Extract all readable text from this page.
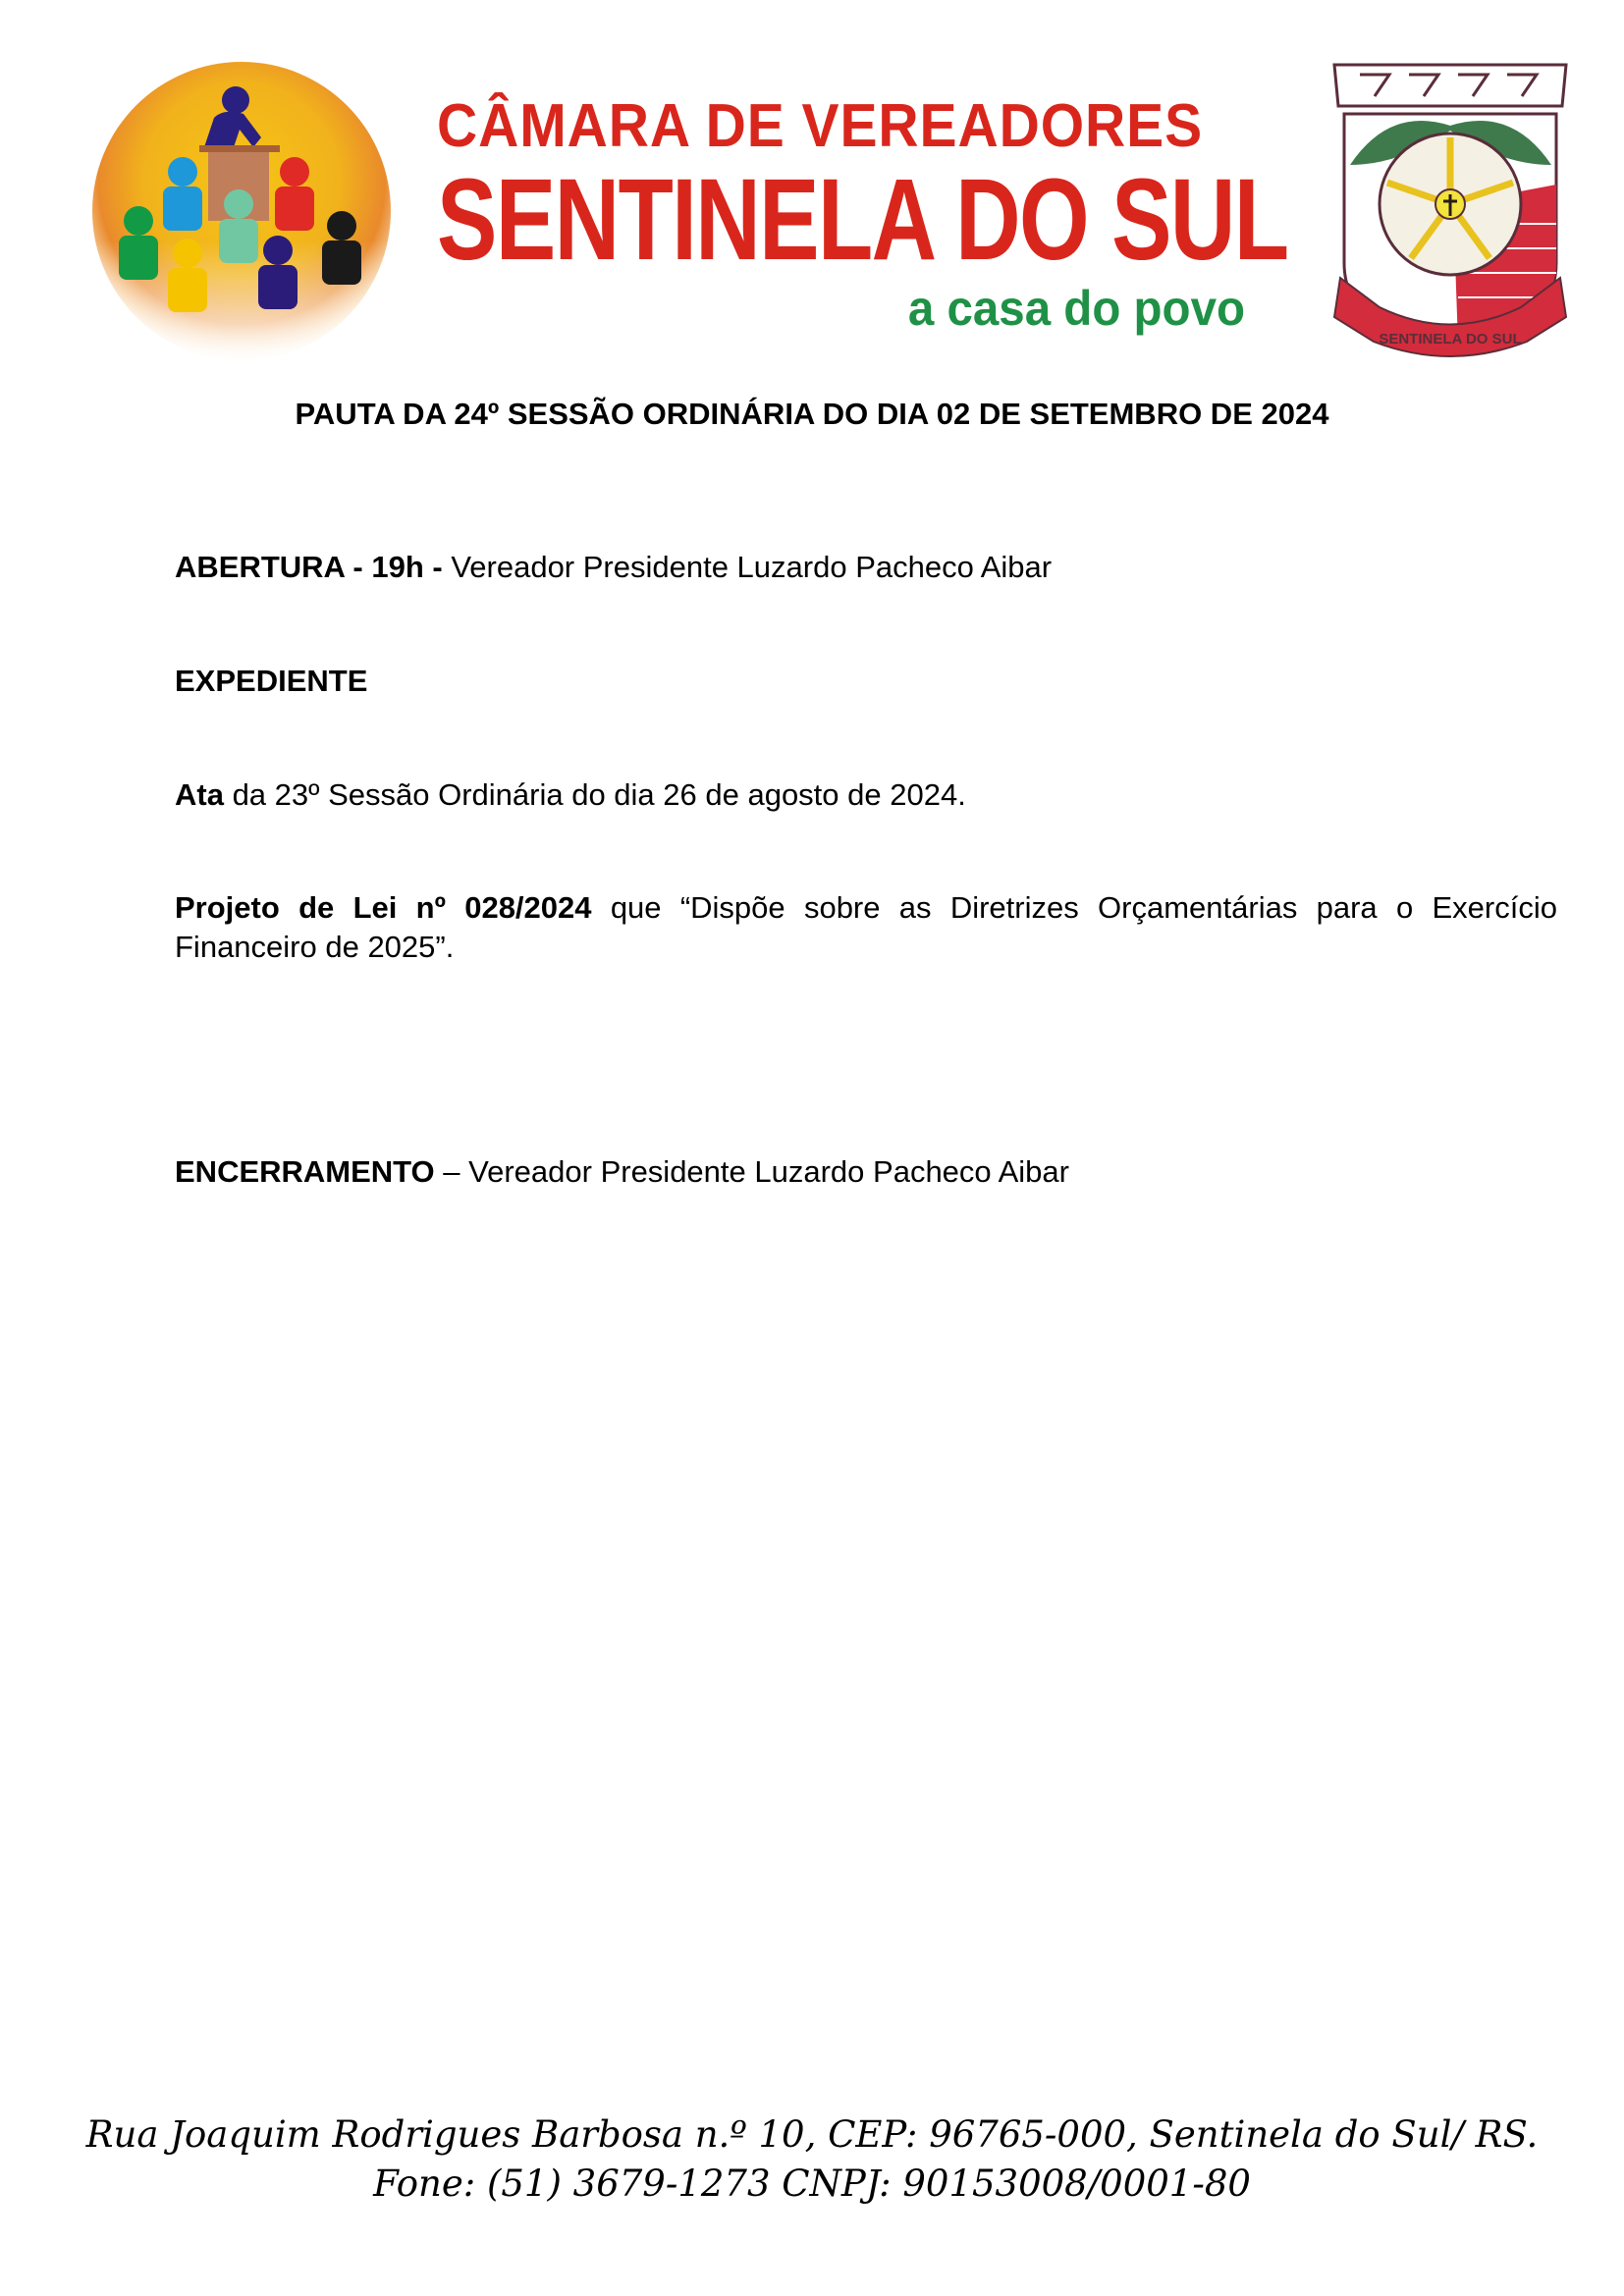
CÂMARA DE VEREADORES
SENTINELA DO SUL
a casa do povo
SENTINELA DO SUL
PAUTA DA 24º SESSÃO ORDINÁRIA DO DIA 02 DE SETEMBRO DE 2024
ABERTURA - 19h - Vereador Presidente Luzardo Pacheco Aibar
EXPEDIENTE
Ata da 23º Sessão Ordinária do dia 26 de agosto de 2024.
Projeto de Lei nº 028/2024 que “Dispõe sobre as Diretrizes Orçamentárias para o Exercício Financeiro de 2025”.
ENCERRAMENTO – Vereador Presidente Luzardo Pacheco Aibar
Rua Joaquim Rodrigues Barbosa n.º 10, CEP: 96765-000, Sentinela do Sul/ RS.
Fone: (51) 3679-1273 CNPJ: 90153008/0001-80
